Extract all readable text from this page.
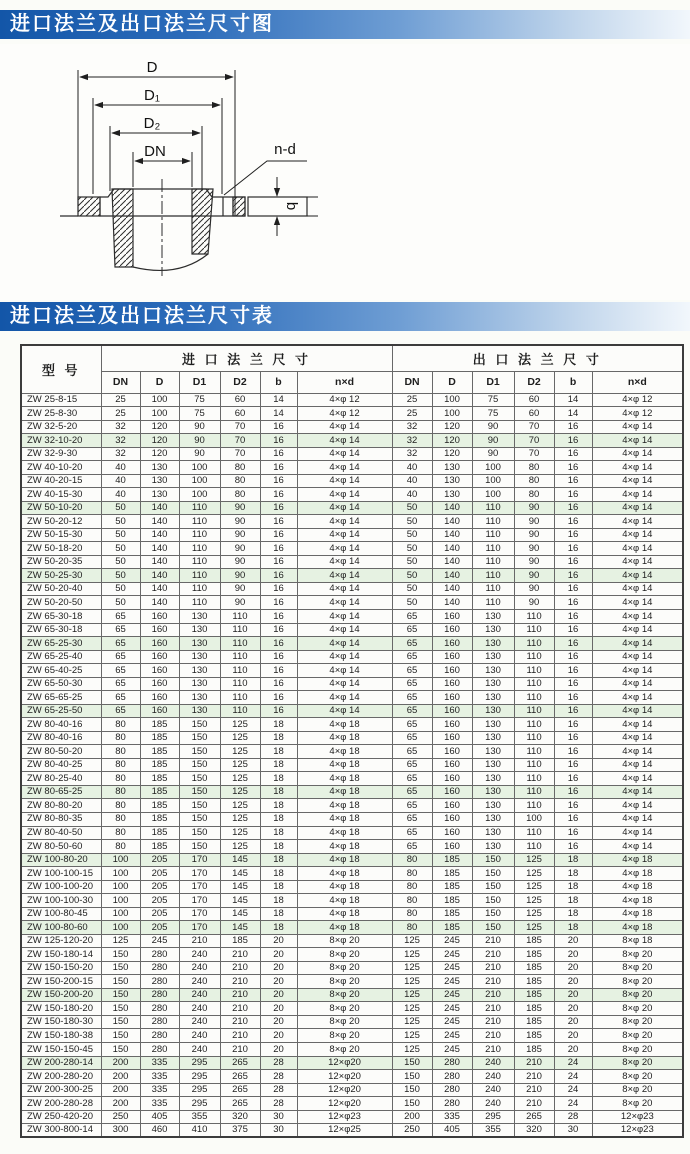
进口法兰及出口法兰尺寸图
D
D₁
D₂
DN	n-d
b
进口法兰及出口法兰尺寸表
型 号	进 口 法 兰 尺 寸						出 口 法 兰 尺 寸					
	DN	D	D1	D2	b	n×d	DN	D	D1	D2	b	n×d
ZW 25-8-15	25	100	75	60	14	4×φ 12	25	100	75	60	14	4×φ 12
ZW 25-8-30	25	100	75	60	14	4×φ 12	25	100	75	60	14	4×φ 12
ZW 32-5-20	32	120	90	70	16	4×φ 14	32	120	90	70	16	4×φ 14
ZW 32-10-20	32	120	90	70	16	4×φ 14	32	120	90	70	16	4×φ 14
ZW 32-9-30	32	120	90	70	16	4×φ 14	32	120	90	70	16	4×φ 14
ZW 40-10-20	40	130	100	80	16	4×φ 14	40	130	100	80	16	4×φ 14
ZW 40-20-15	40	130	100	80	16	4×φ 14	40	130	100	80	16	4×φ 14
ZW 40-15-30	40	130	100	80	16	4×φ 14	40	130	100	80	16	4×φ 14
ZW 50-10-20	50	140	110	90	16	4×φ 14	50	140	110	90	16	4×φ 14
ZW 50-20-12	50	140	110	90	16	4×φ 14	50	140	110	90	16	4×φ 14
ZW 50-15-30	50	140	110	90	16	4×φ 14	50	140	110	90	16	4×φ 14
ZW 50-18-20	50	140	110	90	16	4×φ 14	50	140	110	90	16	4×φ 14
ZW 50-20-35	50	140	110	90	16	4×φ 14	50	140	110	90	16	4×φ 14
ZW 50-25-30	50	140	110	90	16	4×φ 14	50	140	110	90	16	4×φ 14
ZW 50-20-40	50	140	110	90	16	4×φ 14	50	140	110	90	16	4×φ 14
ZW 50-20-50	50	140	110	90	16	4×φ 14	50	140	110	90	16	4×φ 14
ZW 65-30-18	65	160	130	110	16	4×φ 14	65	160	130	110	16	4×φ 14
ZW 65-30-18	65	160	130	110	16	4×φ 14	65	160	130	110	16	4×φ 14
ZW 65-25-30	65	160	130	110	16	4×φ 14	65	160	130	110	16	4×φ 14
ZW 65-25-40	65	160	130	110	16	4×φ 14	65	160	130	110	16	4×φ 14
ZW 65-40-25	65	160	130	110	16	4×φ 14	65	160	130	110	16	4×φ 14
ZW 65-50-30	65	160	130	110	16	4×φ 14	65	160	130	110	16	4×φ 14
ZW 65-65-25	65	160	130	110	16	4×φ 14	65	160	130	110	16	4×φ 14
ZW 65-25-50	65	160	130	110	16	4×φ 14	65	160	130	110	16	4×φ 14
ZW 80-40-16	80	185	150	125	18	4×φ 18	65	160	130	110	16	4×φ 14
ZW 80-40-16	80	185	150	125	18	4×φ 18	65	160	130	110	16	4×φ 14
ZW 80-50-20	80	185	150	125	18	4×φ 18	65	160	130	110	16	4×φ 14
ZW 80-40-25	80	185	150	125	18	4×φ 18	65	160	130	110	16	4×φ 14
ZW 80-25-40	80	185	150	125	18	4×φ 18	65	160	130	110	16	4×φ 14
ZW 80-65-25	80	185	150	125	18	4×φ 18	65	160	130	110	16	4×φ 14
ZW 80-80-20	80	185	150	125	18	4×φ 18	65	160	130	110	16	4×φ 14
ZW 80-80-35	80	185	150	125	18	4×φ 18	65	160	130	100	16	4×φ 14
ZW 80-40-50	80	185	150	125	18	4×φ 18	65	160	130	110	16	4×φ 14
ZW 80-50-60	80	185	150	125	18	4×φ 18	65	160	130	110	16	4×φ 14
ZW 100-80-20	100	205	170	145	18	4×φ 18	80	185	150	125	18	4×φ 18
ZW 100-100-15	100	205	170	145	18	4×φ 18	80	185	150	125	18	4×φ 18
ZW 100-100-20	100	205	170	145	18	4×φ 18	80	185	150	125	18	4×φ 18
ZW 100-100-30	100	205	170	145	18	4×φ 18	80	185	150	125	18	4×φ 18
ZW 100-80-45	100	205	170	145	18	4×φ 18	80	185	150	125	18	4×φ 18
ZW 100-80-60	100	205	170	145	18	4×φ 18	80	185	150	125	18	4×φ 18
ZW 125-120-20	125	245	210	185	20	8×φ 20	125	245	210	185	20	8×φ 18
ZW 150-180-14	150	280	240	210	20	8×φ 20	125	245	210	185	20	8×φ 20
ZW 150-150-20	150	280	240	210	20	8×φ 20	125	245	210	185	20	8×φ 20
ZW 150-200-15	150	280	240	210	20	8×φ 20	125	245	210	185	20	8×φ 20
ZW 150-200-20	150	280	240	210	20	8×φ 20	125	245	210	185	20	8×φ 20
ZW 150-180-20	150	280	240	210	20	8×φ 20	125	245	210	185	20	8×φ 20
ZW 150-180-30	150	280	240	210	20	8×φ 20	125	245	210	185	20	8×φ 20
ZW 150-180-38	150	280	240	210	20	8×φ 20	125	245	210	185	20	8×φ 20
ZW 150-150-45	150	280	240	210	20	8×φ 20	125	245	210	185	20	8×φ 20
ZW 200-280-14	200	335	295	265	28	12×φ20	150	280	240	210	24	8×φ 20
ZW 200-280-20	200	335	295	265	28	12×φ20	150	280	240	210	24	8×φ 20
ZW 200-300-25	200	335	295	265	28	12×φ20	150	280	240	210	24	8×φ 20
ZW 200-280-28	200	335	295	265	28	12×φ20	150	280	240	210	24	8×φ 20
ZW 250-420-20	250	405	355	320	30	12×φ23	200	335	295	265	28	12×φ23
ZW 300-800-14	300	460	410	375	30	12×φ25	250	405	355	320	30	12×φ23
